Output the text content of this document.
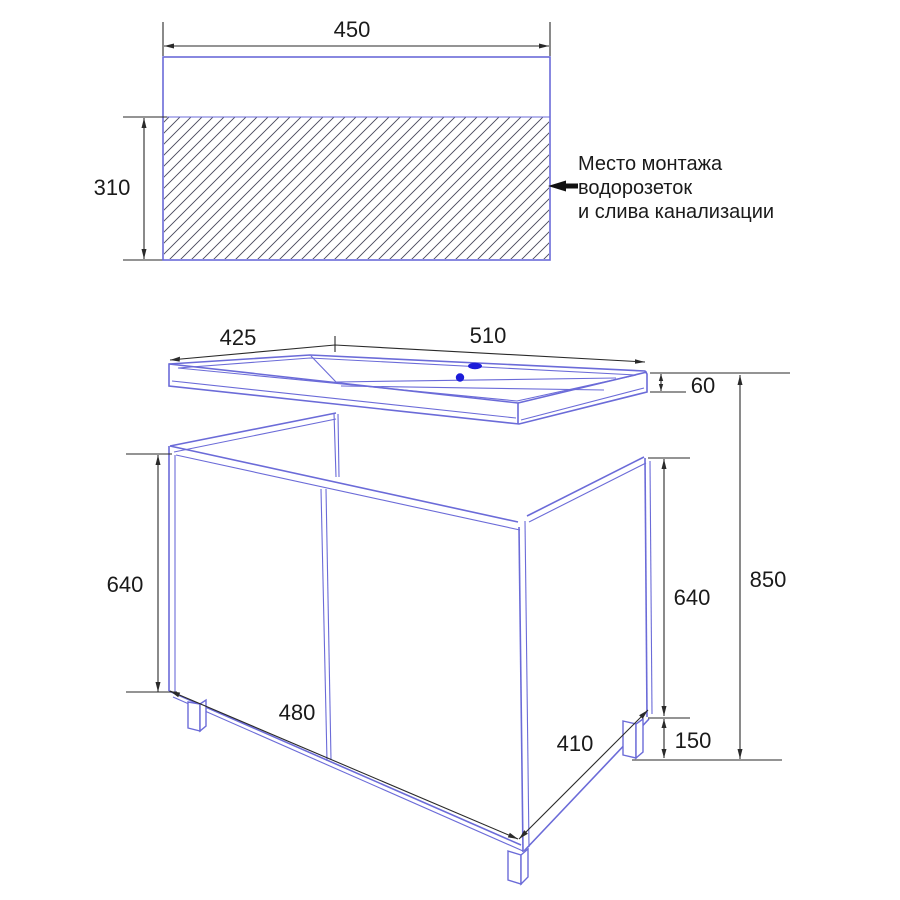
450
310
Место монтажа
водорозеток
и слива канализации
425	510
60
640
480
410
640
150
850
